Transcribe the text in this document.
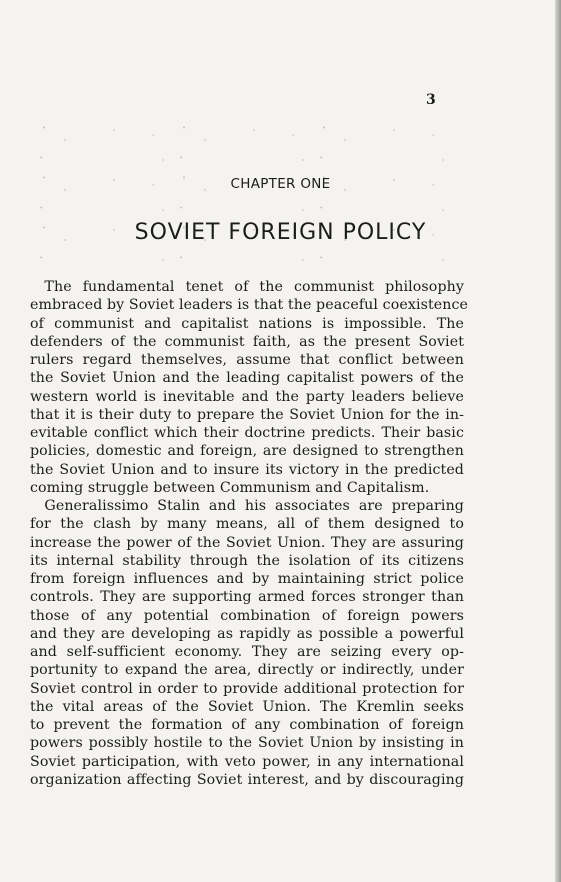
3

CHAPTER ONE

SOVIET FOREIGN POLICY
  The fundamental tenet of the communist philosophy
embraced by Soviet leaders is that the peaceful coexistence
of communist and capitalist nations is impossible. The
defenders of the communist faith, as the present Soviet
rulers regard themselves, assume that conflict between
the Soviet Union and the leading capitalist powers of the
western world is inevitable and the party leaders believe
that it is their duty to prepare the Soviet Union for the in-
evitable conflict which their doctrine predicts. Their basic
policies, domestic and foreign, are designed to strengthen
the Soviet Union and to insure its victory in the predicted
coming struggle between Communism and Capitalism.
  Generalissimo Stalin and his associates are preparing
for the clash by many means, all of them designed to
increase the power of the Soviet Union. They are assuring
its internal stability through the isolation of its citizens
from foreign influences and by maintaining strict police
controls. They are supporting armed forces stronger than
those of any potential combination of foreign powers
and they are developing as rapidly as possible a powerful
and self-sufficient economy. They are seizing every op-
portunity to expand the area, directly or indirectly, under
Soviet control in order to provide additional protection for
the vital areas of the Soviet Union. The Kremlin seeks
to prevent the formation of any combination of foreign
powers possibly hostile to the Soviet Union by insisting in
Soviet participation, with veto power, in any international
organization affecting Soviet interest, and by discouraging
